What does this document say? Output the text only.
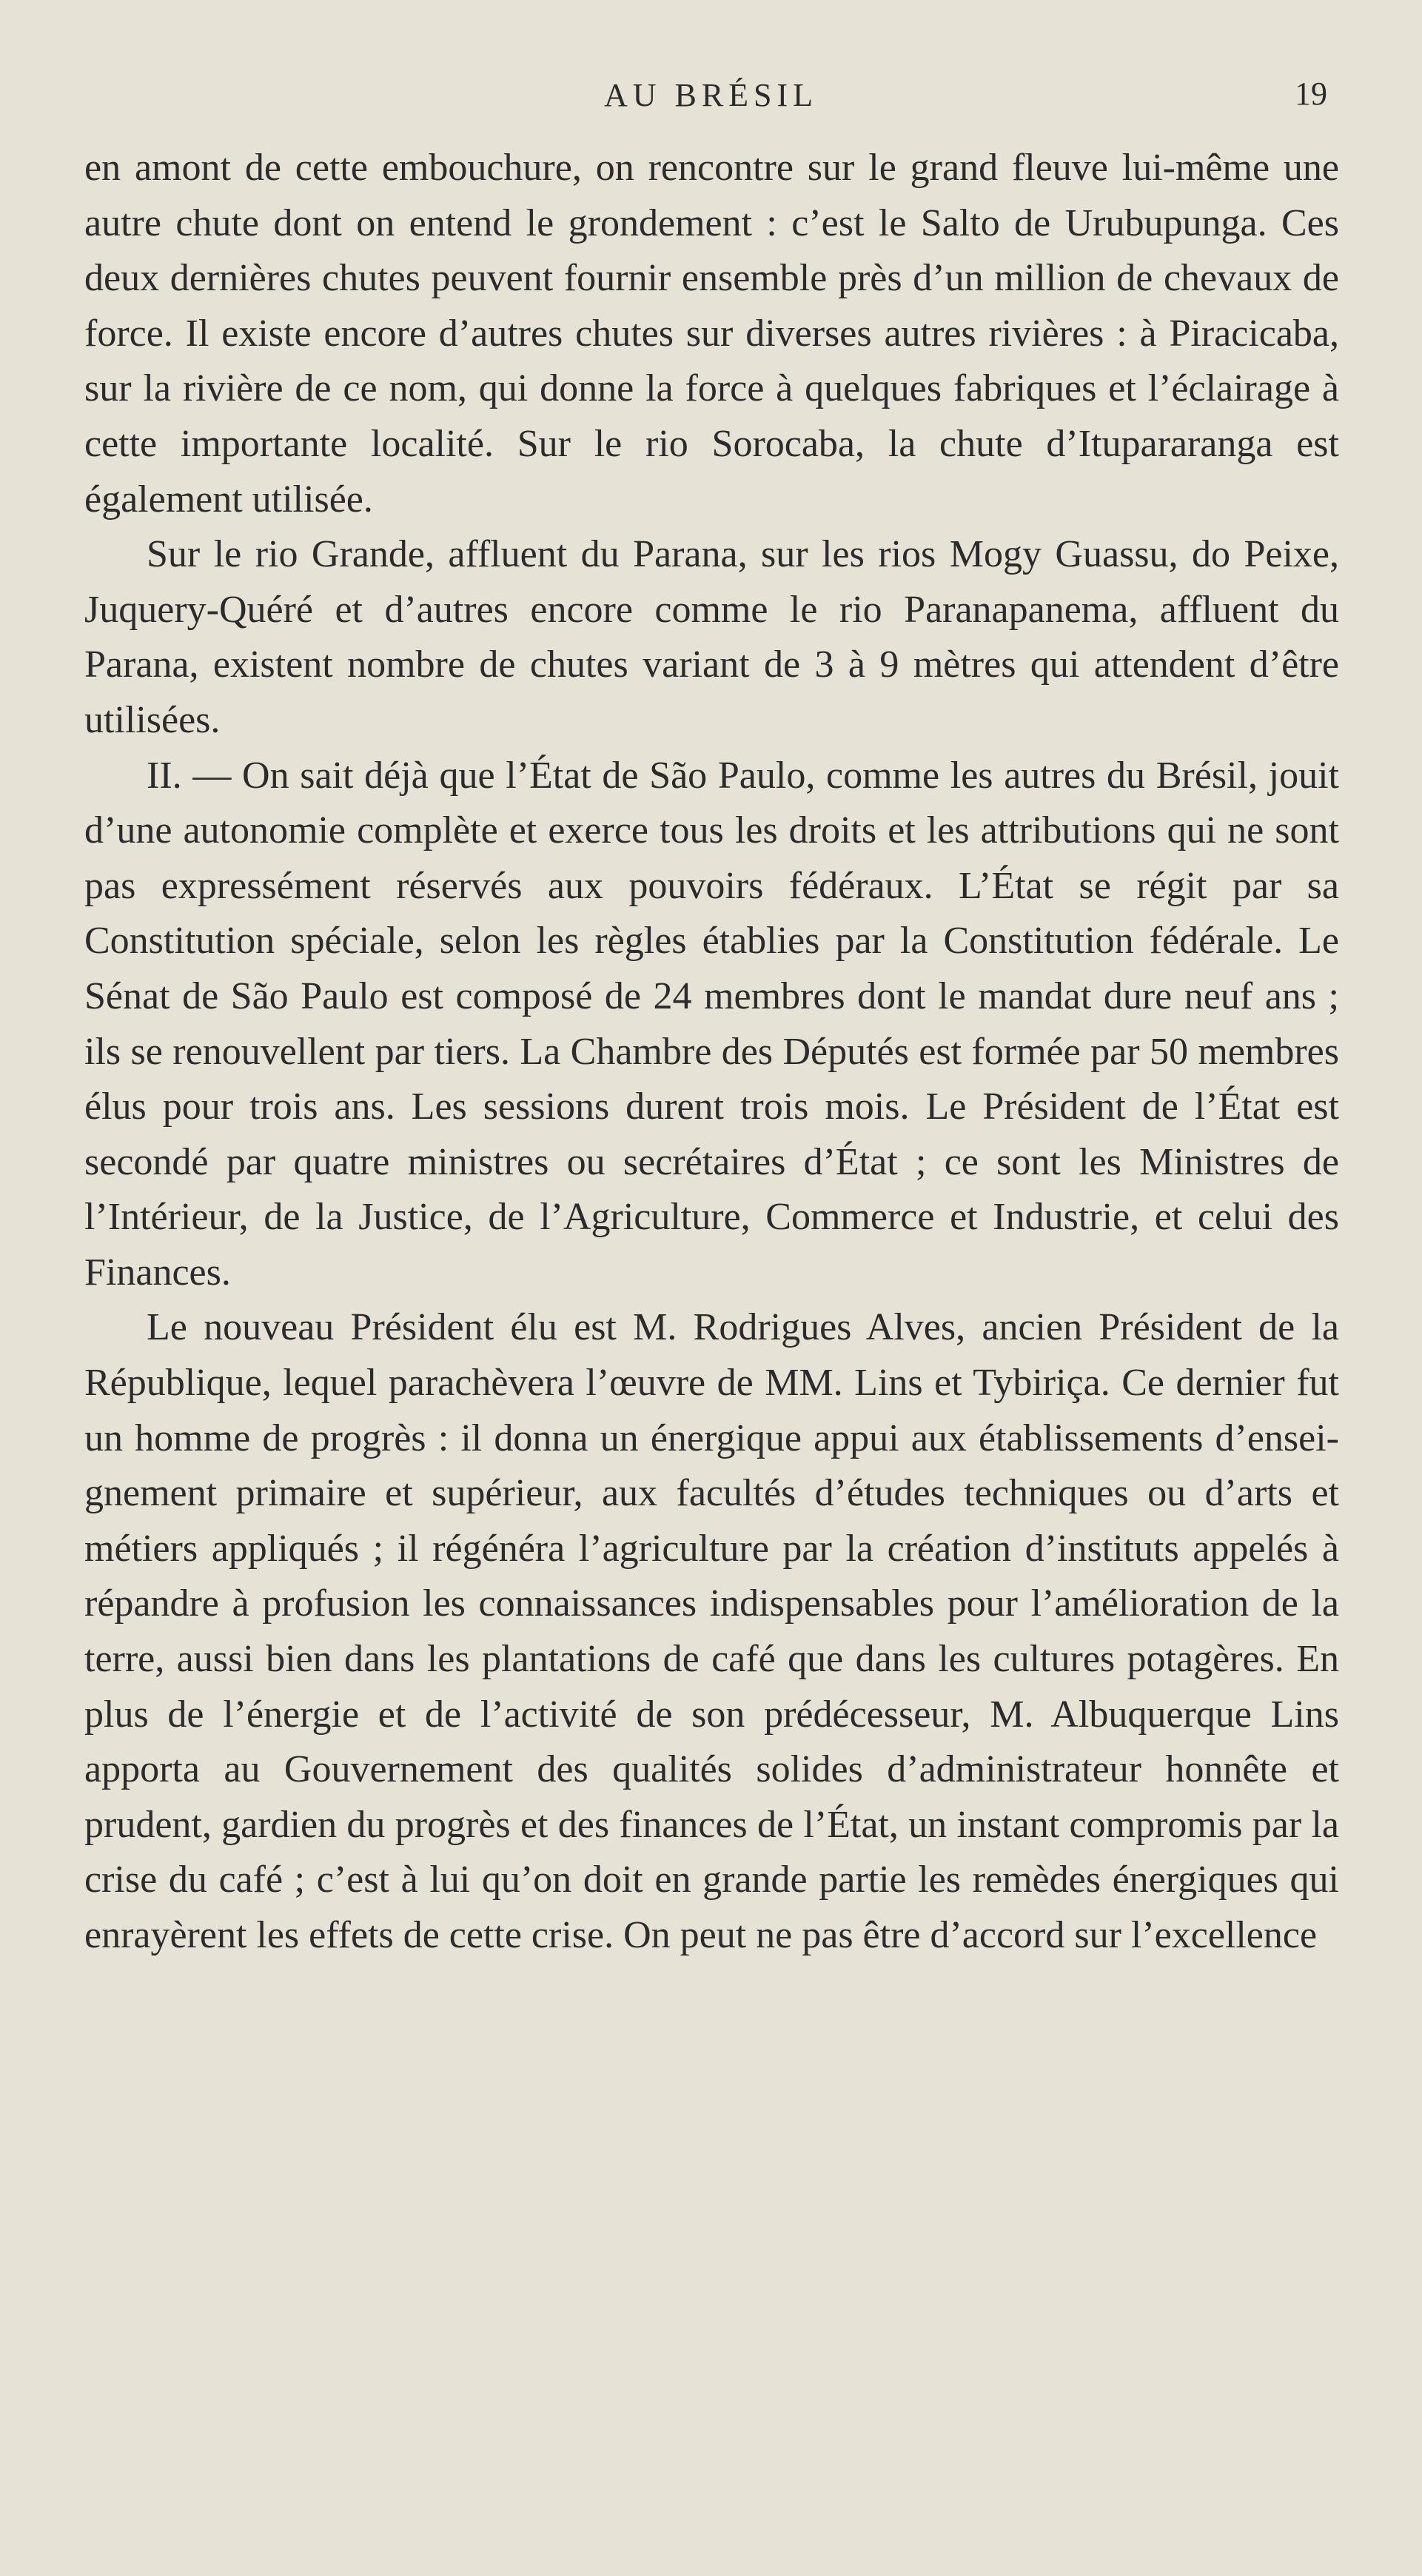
AU BRÉSIL	19

en amont de cette embouchure, on rencontre sur le grand fleuve lui-même une autre chute dont on entend le grondement : c’est le Salto de Urubupunga. Ces deux dernières chutes peuvent fournir ensemble près d’un million de chevaux de force. Il existe encore d’autres chutes sur diverses autres rivières : à Piracicaba, sur la rivière de ce nom, qui donne la force à quelques fabriques et l’éclairage à cette importante localité. Sur le rio Sorocaba, la chute d’Itupararanga est également utilisée.

Sur le rio Grande, affluent du Parana, sur les rios Mogy Guassu, do Peixe, Juquery-Quéré et d’autres encore comme le rio Paranapanema, affluent du Parana, existent nombre de chutes variant de 3 à 9 mètres qui attendent d’être utilisées.

II. — On sait déjà que l’État de São Paulo, comme les autres du Brésil, jouit d’une autonomie complète et exerce tous les droits et les attributions qui ne sont pas expressément réservés aux pouvoirs fédéraux. L’État se régit par sa Constitution spéciale, selon les règles établies par la Constitution fédérale. Le Sénat de São Paulo est composé de 24 membres dont le mandat dure neuf ans ; ils se renouvellent par tiers. La Chambre des Députés est formée par 50 membres élus pour trois ans. Les sessions durent trois mois. Le Président de l’État est secondé par quatre ministres ou secrétaires d’État ; ce sont les Ministres de l’Intérieur, de la Justice, de l’Agriculture, Commerce et Industrie, et celui des Finances.

Le nouveau Président élu est M. Rodrigues Alves, ancien Président de la République, lequel parachèvera l’œuvre de MM. Lins et Tybiriça. Ce dernier fut un homme de progrès : il donna un énergique appui aux établissements d’enseignement primaire et supérieur, aux facultés d’études techniques ou d’arts et métiers appliqués ; il régénéra l’agriculture par la création d’instituts appelés à répandre à profusion les connaissances indispensables pour l’amélioration de la terre, aussi bien dans les plantations de café que dans les cultures potagères. En plus de l’énergie et de l’activité de son prédécesseur, M. Albuquerque Lins apporta au Gouvernement des qualités solides d’administrateur honnête et prudent, gardien du progrès et des finances de l’État, un instant compromis par la crise du café ; c’est à lui qu’on doit en grande partie les remèdes énergiques qui enrayèrent les effets de cette crise. On peut ne pas être d’accord sur l’excellence
